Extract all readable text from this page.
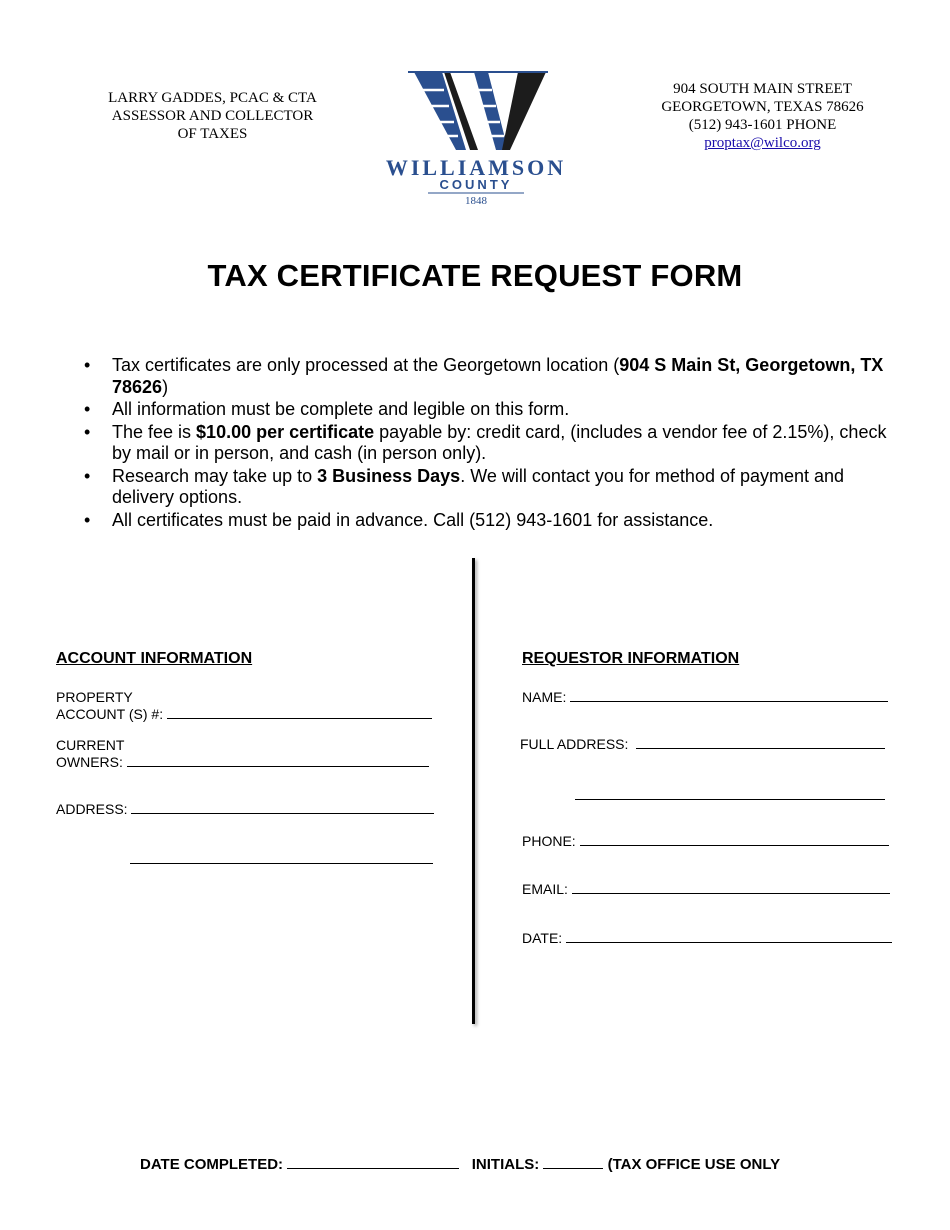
LARRY GADDES, PCAC & CTA
ASSESSOR AND COLLECTOR
OF TAXES
WILLIAMSON
COUNTY
1848
904 SOUTH MAIN STREET
GEORGETOWN, TEXAS 78626
(512) 943-1601 PHONE
proptax@wilco.org
TAX CERTIFICATE REQUEST FORM
• Tax certificates are only processed at the Georgetown location (904 S Main St, Georgetown, TX 78626)
• All information must be complete and legible on this form.
• The fee is $10.00 per certificate payable by: credit card, (includes a vendor fee of 2.15%), check by mail or in person, and cash (in person only).
• Research may take up to 3 Business Days. We will contact you for method of payment and delivery options.
• All certificates must be paid in advance. Call (512) 943-1601 for assistance.
ACCOUNT INFORMATION
PROPERTY
ACCOUNT (S) #:
CURRENT
OWNERS:
ADDRESS:
REQUESTOR INFORMATION
NAME:
FULL ADDRESS:
PHONE:
EMAIL:
DATE:
DATE COMPLETED:	INITIALS:	(TAX OFFICE USE ONLY
